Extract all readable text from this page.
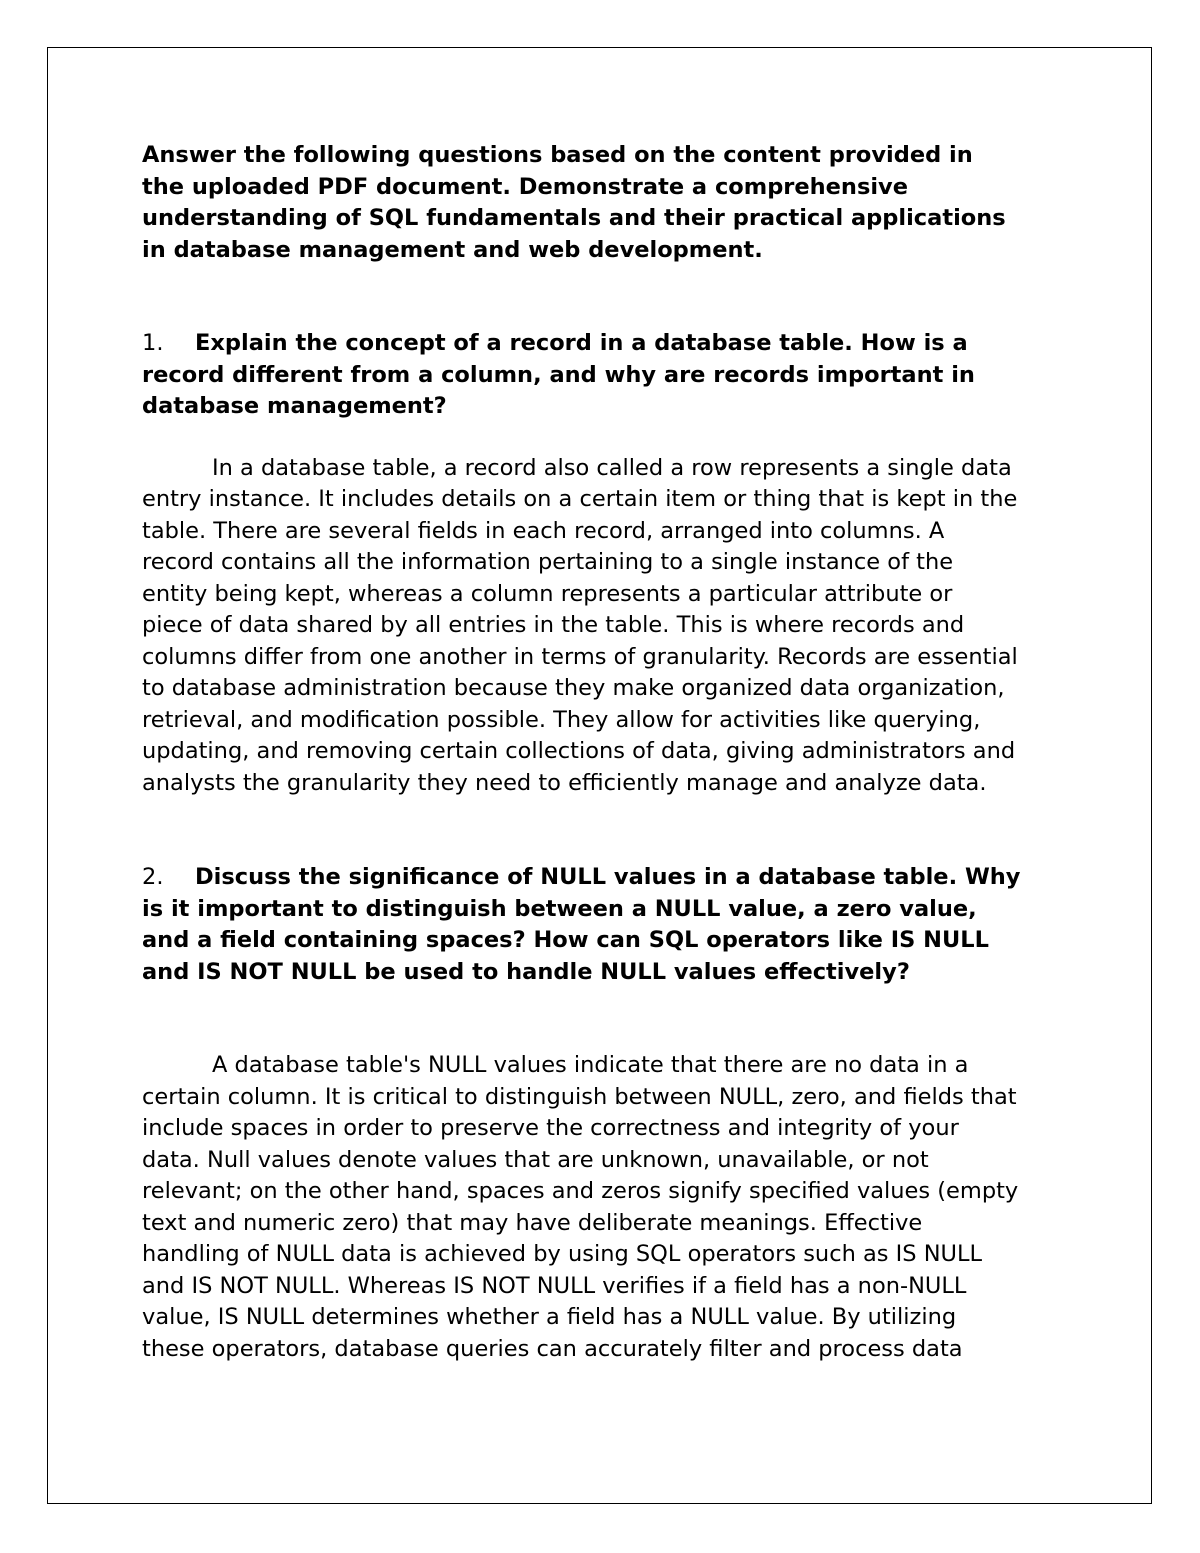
Answer the following questions based on the content provided in
the uploaded PDF document. Demonstrate a comprehensive
understanding of SQL fundamentals and their practical applications
in database management and web development.
1. Explain the concept of a record in a database table. How is a
record different from a column, and why are records important in
database management?
In a database table, a record also called a row represents a single data
entry instance. It includes details on a certain item or thing that is kept in the
table. There are several fields in each record, arranged into columns. A
record contains all the information pertaining to a single instance of the
entity being kept, whereas a column represents a particular attribute or
piece of data shared by all entries in the table. This is where records and
columns differ from one another in terms of granularity. Records are essential
to database administration because they make organized data organization,
retrieval, and modification possible. They allow for activities like querying,
updating, and removing certain collections of data, giving administrators and
analysts the granularity they need to efficiently manage and analyze data.
2. Discuss the significance of NULL values in a database table. Why
is it important to distinguish between a NULL value, a zero value,
and a field containing spaces? How can SQL operators like IS NULL
and IS NOT NULL be used to handle NULL values effectively?
A database table's NULL values indicate that there are no data in a
certain column. It is critical to distinguish between NULL, zero, and fields that
include spaces in order to preserve the correctness and integrity of your
data. Null values denote values that are unknown, unavailable, or not
relevant; on the other hand, spaces and zeros signify specified values (empty
text and numeric zero) that may have deliberate meanings. Effective
handling of NULL data is achieved by using SQL operators such as IS NULL
and IS NOT NULL. Whereas IS NOT NULL verifies if a field has a non-NULL
value, IS NULL determines whether a field has a NULL value. By utilizing
these operators, database queries can accurately filter and process data
